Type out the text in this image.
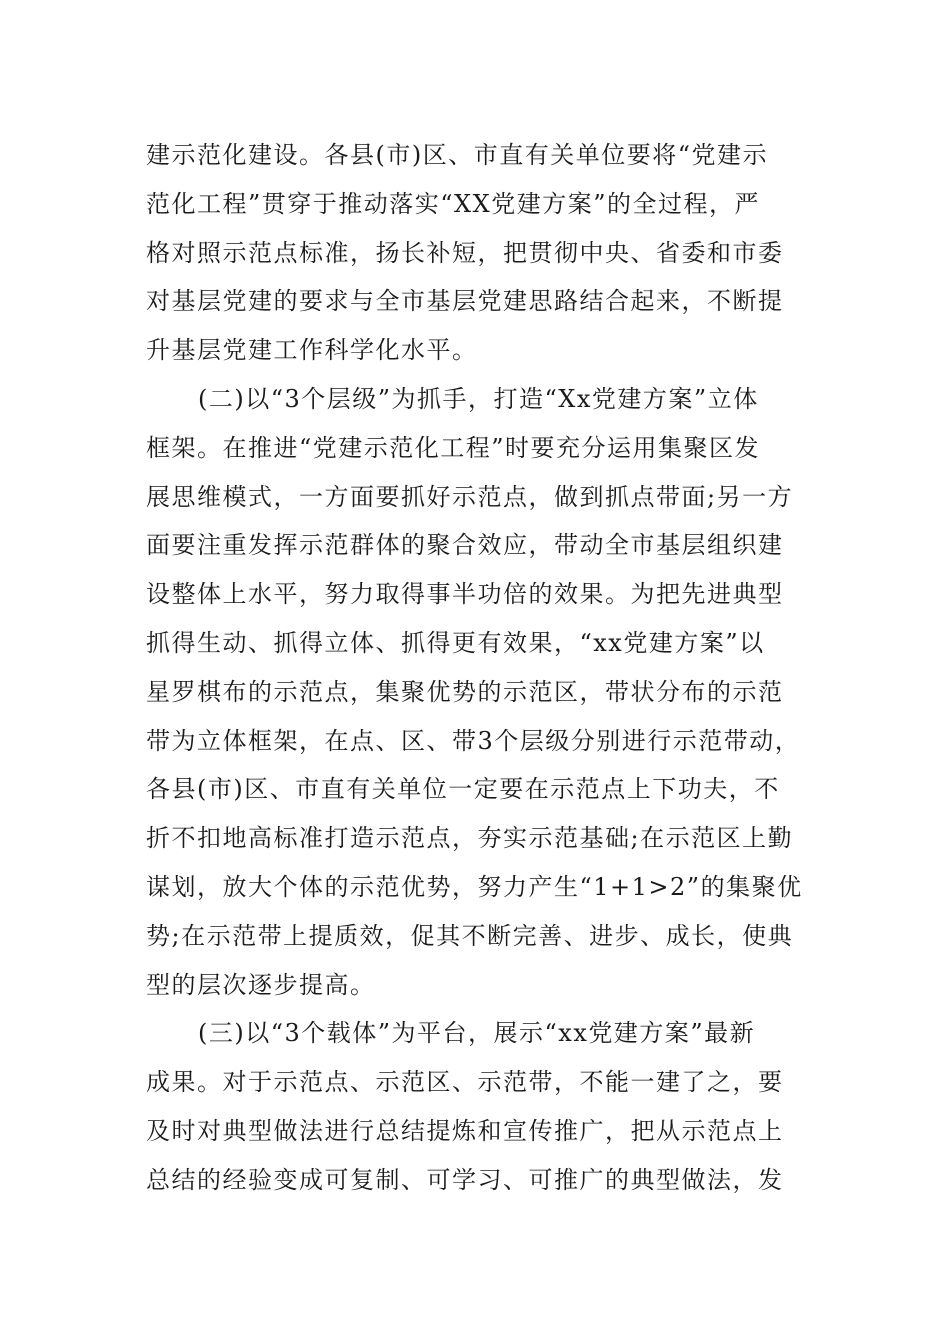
建示范化建设。各县(市)区、市直有关单位要将“党建示
范化工程”贯穿于推动落实“XX党建方案”的全过程，严
格对照示范点标准，扬长补短，把贯彻中央、省委和市委
对基层党建的要求与全市基层党建思路结合起来，不断提
升基层党建工作科学化水平。
(二)以“3个层级”为抓手，打造“Xx党建方案”立体
框架。在推进“党建示范化工程”时要充分运用集聚区发
展思维模式，一方面要抓好示范点，做到抓点带面;另一方
面要注重发挥示范群体的聚合效应，带动全市基层组织建
设整体上水平，努力取得事半功倍的效果。为把先进典型
抓得生动、抓得立体、抓得更有效果，“xx党建方案”以
星罗棋布的示范点，集聚优势的示范区，带状分布的示范
带为立体框架，在点、区、带3个层级分别进行示范带动，
各县(市)区、市直有关单位一定要在示范点上下功夫，不
折不扣地高标准打造示范点，夯实示范基础;在示范区上勤
谋划，放大个体的示范优势，努力产生“1+1>2”的集聚优
势;在示范带上提质效，促其不断完善、进步、成长，使典
型的层次逐步提高。
(三)以“3个载体”为平台，展示“xx党建方案”最新
成果。对于示范点、示范区、示范带，不能一建了之，要
及时对典型做法进行总结提炼和宣传推广，把从示范点上
总结的经验变成可复制、可学习、可推广的典型做法，发
